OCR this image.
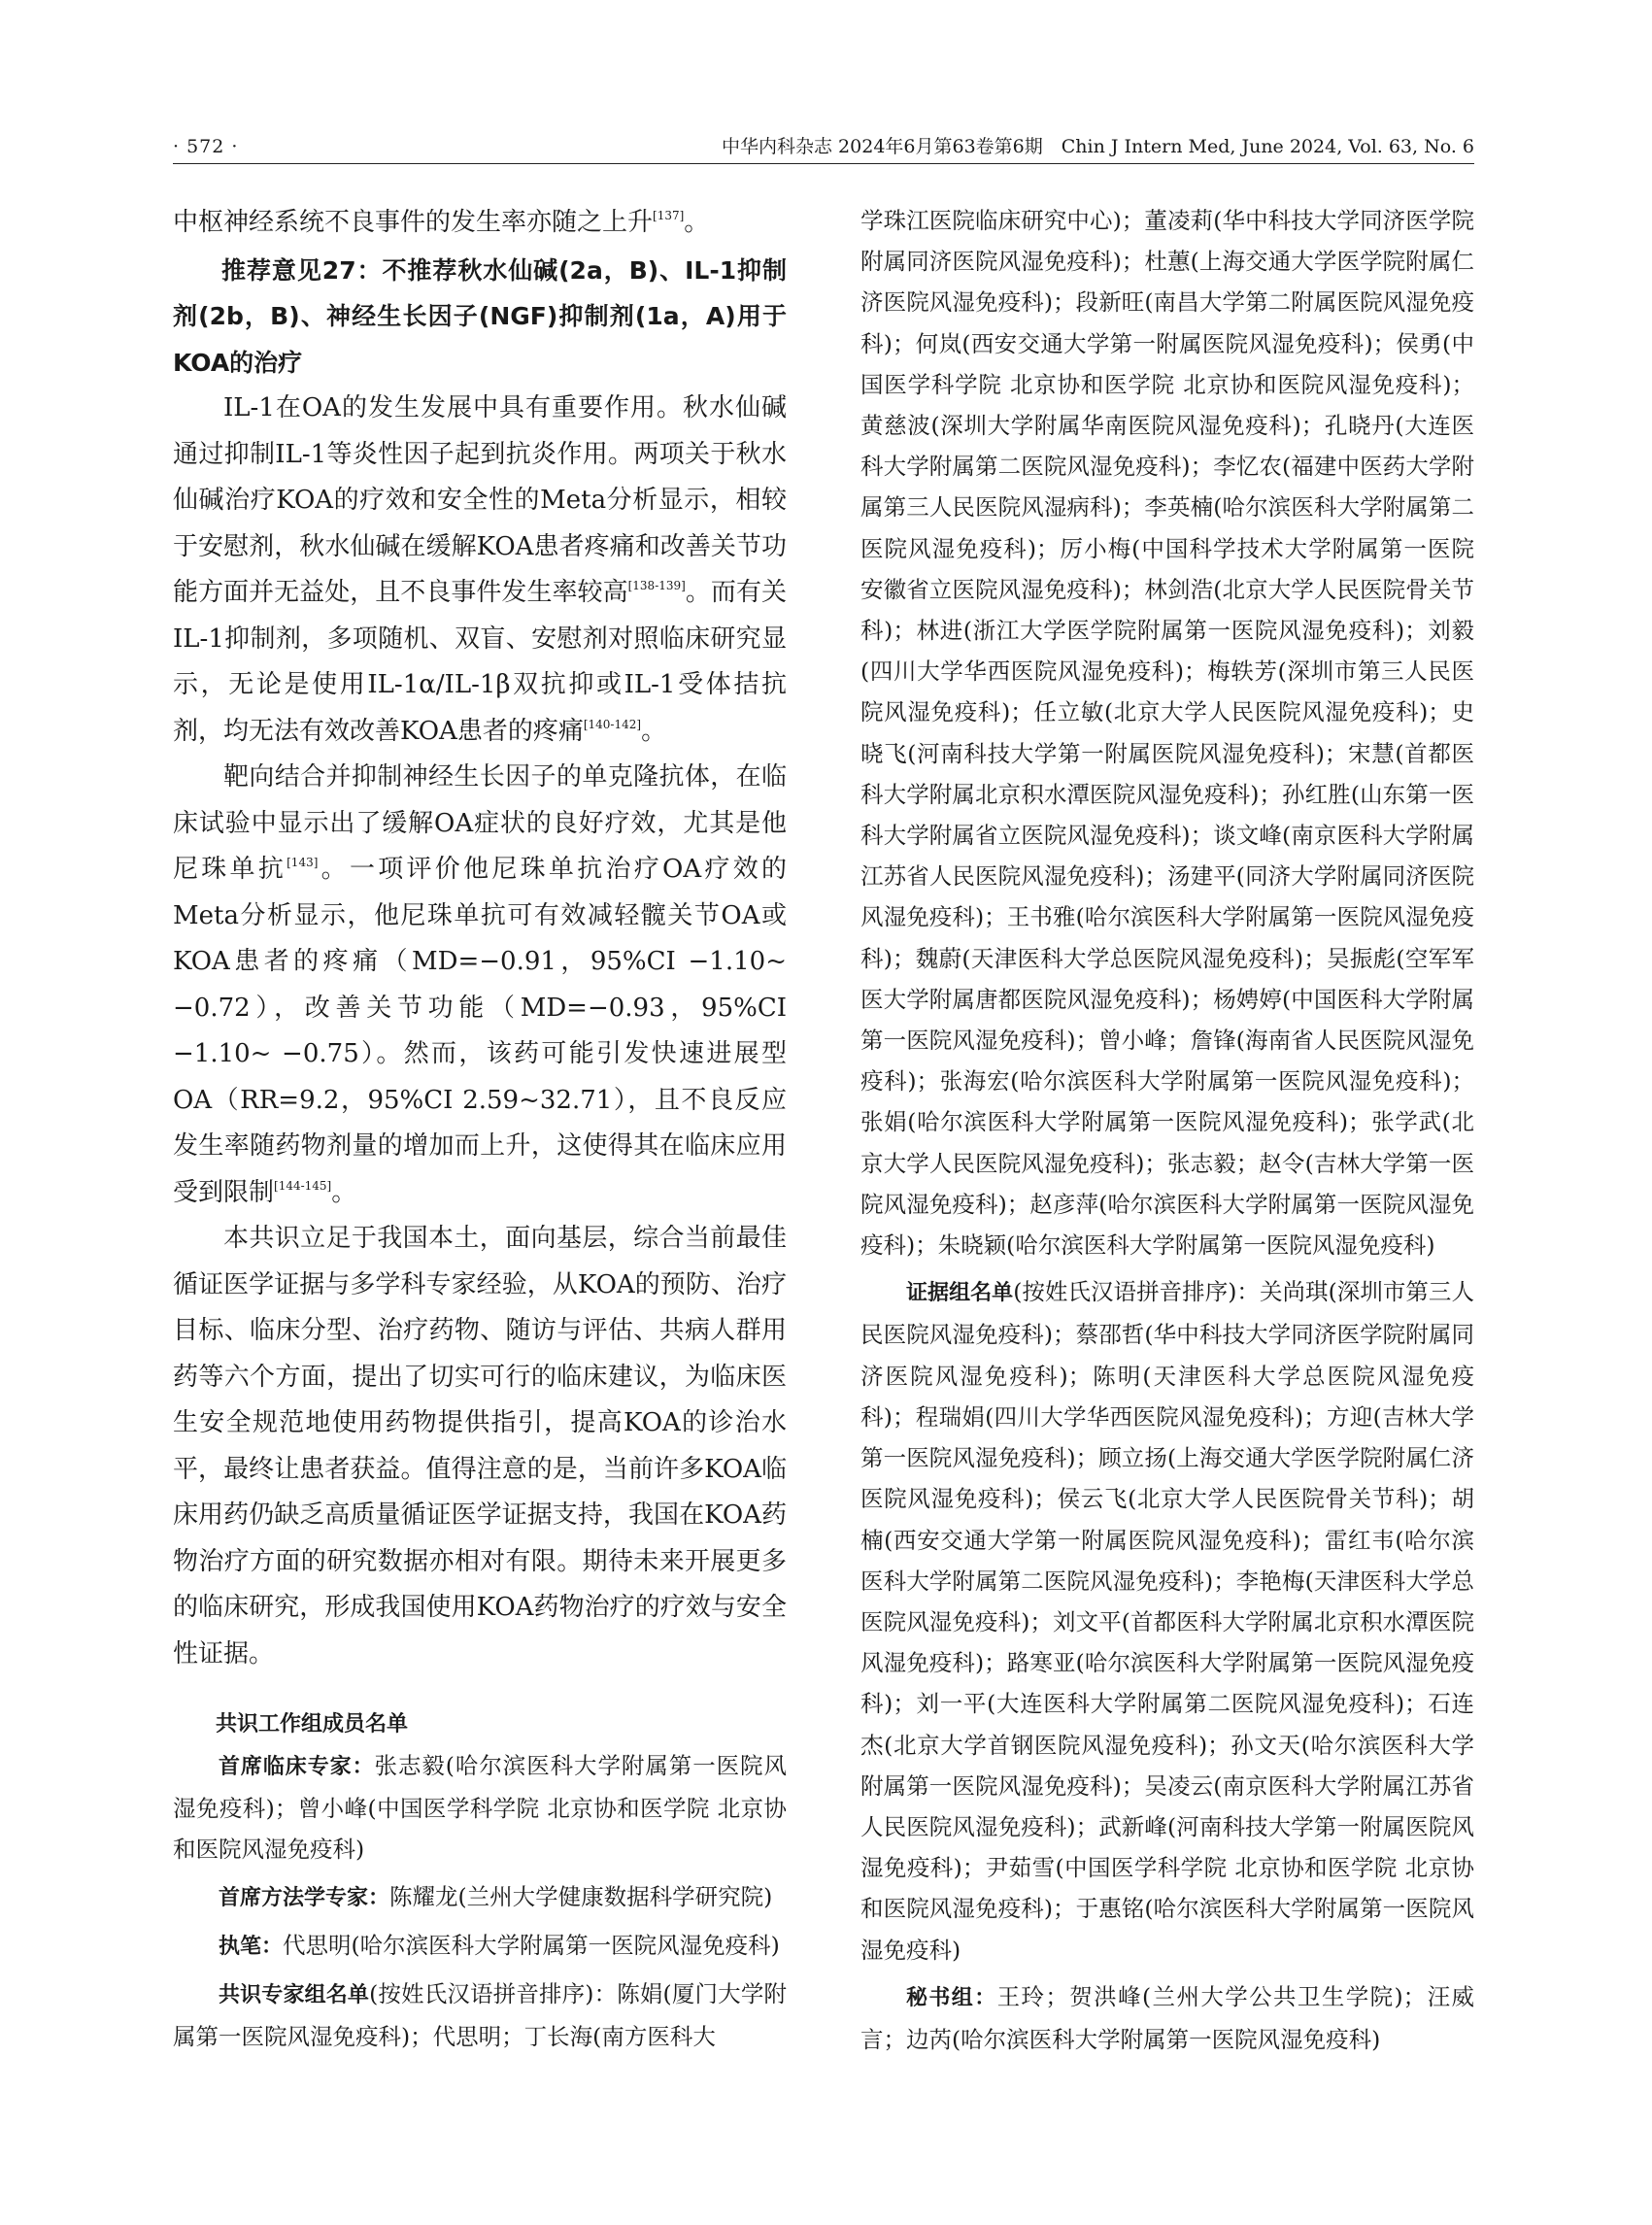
· 572 ·	中华内科杂志 2024年6月第63卷第6期　Chin J Intern Med, June 2024, Vol. 63, No. 6

中枢神经系统不良事件的发生率亦随之上升[137]。

推荐意见27：不推荐秋水仙碱(2a，B)、IL-1抑制剂(2b，B)、神经生长因子(NGF)抑制剂(1a，A)用于KOA的治疗

IL-1在OA的发生发展中具有重要作用。秋水仙碱通过抑制IL-1等炎性因子起到抗炎作用。两项关于秋水仙碱治疗KOA的疗效和安全性的Meta分析显示，相较于安慰剂，秋水仙碱在缓解KOA患者疼痛和改善关节功能方面并无益处，且不良事件发生率较高[138-139]。而有关IL-1抑制剂，多项随机、双盲、安慰剂对照临床研究显示，无论是使用IL-1α/IL-1β双抗抑或IL-1受体拮抗剂，均无法有效改善KOA患者的疼痛[140-142]。

靶向结合并抑制神经生长因子的单克隆抗体，在临床试验中显示出了缓解OA症状的良好疗效，尤其是他尼珠单抗[143]。一项评价他尼珠单抗治疗OA疗效的Meta分析显示，他尼珠单抗可有效减轻髋关节OA或KOA患者的疼痛（MD=−0.91，95%CI −1.10~ −0.72），改善关节功能（MD=−0.93，95%CI −1.10~ −0.75）。然而，该药可能引发快速进展型OA（RR=9.2，95%CI 2.59~32.71），且不良反应发生率随药物剂量的增加而上升，这使得其在临床应用受到限制[144-145]。

本共识立足于我国本土，面向基层，综合当前最佳循证医学证据与多学科专家经验，从KOA的预防、治疗目标、临床分型、治疗药物、随访与评估、共病人群用药等六个方面，提出了切实可行的临床建议，为临床医生安全规范地使用药物提供指引，提高KOA的诊治水平，最终让患者获益。值得注意的是，当前许多KOA临床用药仍缺乏高质量循证医学证据支持，我国在KOA药物治疗方面的研究数据亦相对有限。期待未来开展更多的临床研究，形成我国使用KOA药物治疗的疗效与安全性证据。

共识工作组成员名单

首席临床专家：张志毅(哈尔滨医科大学附属第一医院风湿免疫科)；曾小峰(中国医学科学院 北京协和医学院 北京协和医院风湿免疫科)

首席方法学专家：陈耀龙(兰州大学健康数据科学研究院)

执笔：代思明(哈尔滨医科大学附属第一医院风湿免疫科)

共识专家组名单(按姓氏汉语拼音排序)：陈娟(厦门大学附属第一医院风湿免疫科)；代思明；丁长海(南方医科大

学珠江医院临床研究中心)；董凌莉(华中科技大学同济医学院附属同济医院风湿免疫科)；杜蕙(上海交通大学医学院附属仁济医院风湿免疫科)；段新旺(南昌大学第二附属医院风湿免疫科)；何岚(西安交通大学第一附属医院风湿免疫科)；侯勇(中国医学科学院 北京协和医学院 北京协和医院风湿免疫科)；黄慈波(深圳大学附属华南医院风湿免疫科)；孔晓丹(大连医科大学附属第二医院风湿免疫科)；李忆农(福建中医药大学附属第三人民医院风湿病科)；李英楠(哈尔滨医科大学附属第二医院风湿免疫科)；厉小梅(中国科学技术大学附属第一医院 安徽省立医院风湿免疫科)；林剑浩(北京大学人民医院骨关节科)；林进(浙江大学医学院附属第一医院风湿免疫科)；刘毅(四川大学华西医院风湿免疫科)；梅轶芳(深圳市第三人民医院风湿免疫科)；任立敏(北京大学人民医院风湿免疫科)；史晓飞(河南科技大学第一附属医院风湿免疫科)；宋慧(首都医科大学附属北京积水潭医院风湿免疫科)；孙红胜(山东第一医科大学附属省立医院风湿免疫科)；谈文峰(南京医科大学附属江苏省人民医院风湿免疫科)；汤建平(同济大学附属同济医院风湿免疫科)；王书雅(哈尔滨医科大学附属第一医院风湿免疫科)；魏蔚(天津医科大学总医院风湿免疫科)；吴振彪(空军军医大学附属唐都医院风湿免疫科)；杨娉婷(中国医科大学附属第一医院风湿免疫科)；曾小峰；詹锋(海南省人民医院风湿免疫科)；张海宏(哈尔滨医科大学附属第一医院风湿免疫科)；张娟(哈尔滨医科大学附属第一医院风湿免疫科)；张学武(北京大学人民医院风湿免疫科)；张志毅；赵令(吉林大学第一医院风湿免疫科)；赵彦萍(哈尔滨医科大学附属第一医院风湿免疫科)；朱晓颖(哈尔滨医科大学附属第一医院风湿免疫科)

证据组名单(按姓氏汉语拼音排序)：关尚琪(深圳市第三人民医院风湿免疫科)；蔡邵哲(华中科技大学同济医学院附属同济医院风湿免疫科)；陈明(天津医科大学总医院风湿免疫科)；程瑞娟(四川大学华西医院风湿免疫科)；方迎(吉林大学第一医院风湿免疫科)；顾立扬(上海交通大学医学院附属仁济医院风湿免疫科)；侯云飞(北京大学人民医院骨关节科)；胡楠(西安交通大学第一附属医院风湿免疫科)；雷红韦(哈尔滨医科大学附属第二医院风湿免疫科)；李艳梅(天津医科大学总医院风湿免疫科)；刘文平(首都医科大学附属北京积水潭医院风湿免疫科)；路寒亚(哈尔滨医科大学附属第一医院风湿免疫科)；刘一平(大连医科大学附属第二医院风湿免疫科)；石连杰(北京大学首钢医院风湿免疫科)；孙文天(哈尔滨医科大学附属第一医院风湿免疫科)；吴凌云(南京医科大学附属江苏省人民医院风湿免疫科)；武新峰(河南科技大学第一附属医院风湿免疫科)；尹茹雪(中国医学科学院 北京协和医学院 北京协和医院风湿免疫科)；于惠铭(哈尔滨医科大学附属第一医院风湿免疫科)

秘书组：王玲；贺洪峰(兰州大学公共卫生学院)；汪威言；边芮(哈尔滨医科大学附属第一医院风湿免疫科)
